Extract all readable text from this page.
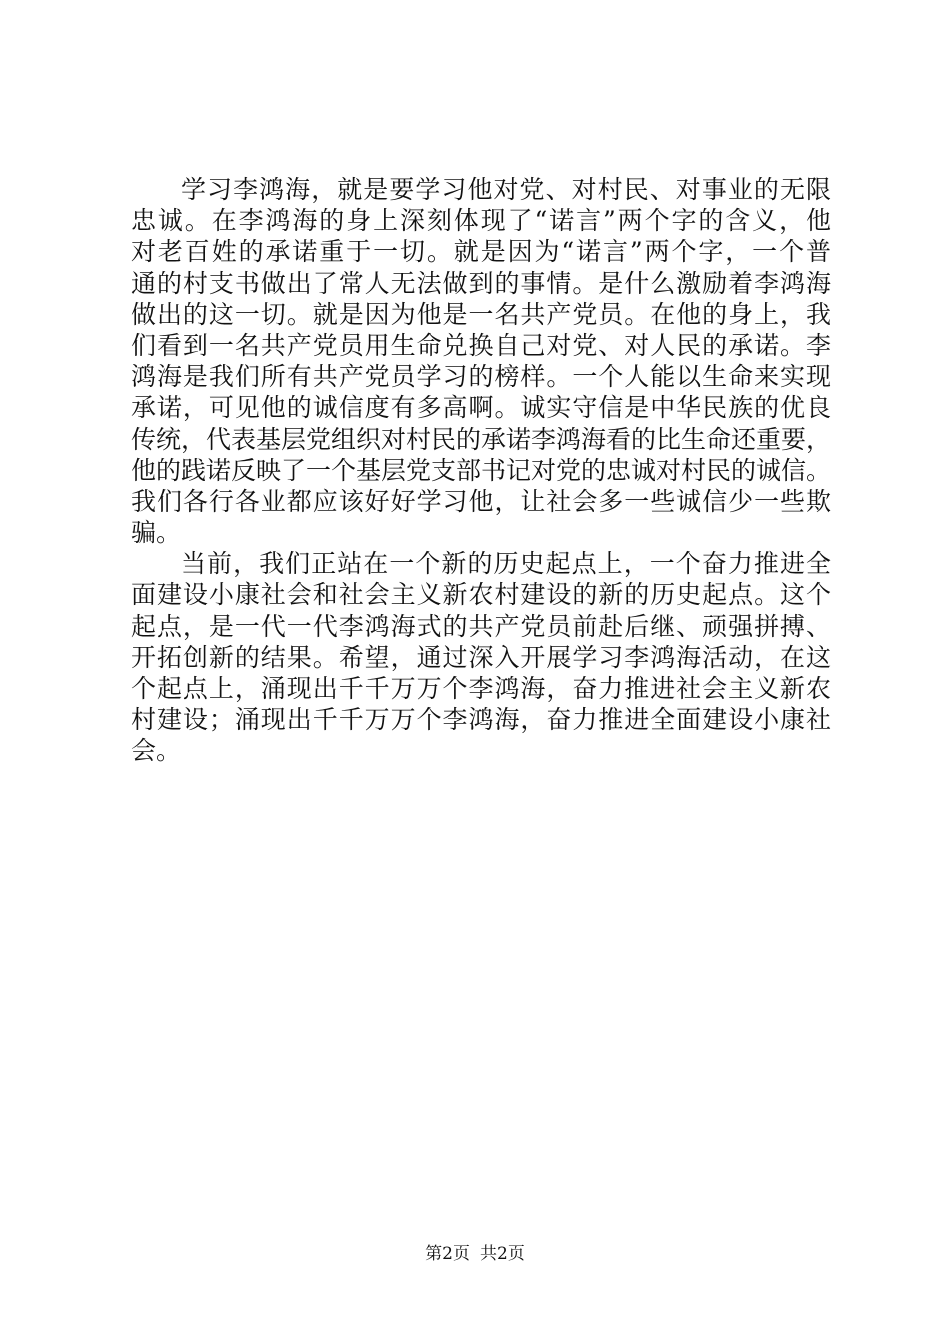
学习李鸿海，就是要学习他对党、对村民、对事业的无限
忠诚。在李鸿海的身上深刻体现了“诺言”两个字的含义，他
对老百姓的承诺重于一切。就是因为“诺言”两个字，一个普
通的村支书做出了常人无法做到的事情。是什么激励着李鸿海
做出的这一切。就是因为他是一名共产党员。在他的身上，我
们看到一名共产党员用生命兑换自己对党、对人民的承诺。李
鸿海是我们所有共产党员学习的榜样。一个人能以生命来实现
承诺，可见他的诚信度有多高啊。诚实守信是中华民族的优良
传统，代表基层党组织对村民的承诺李鸿海看的比生命还重要，
他的践诺反映了一个基层党支部书记对党的忠诚对村民的诚信。
我们各行各业都应该好好学习他，让社会多一些诚信少一些欺
骗。
当前，我们正站在一个新的历史起点上，一个奋力推进全
面建设小康社会和社会主义新农村建设的新的历史起点。这个
起点，是一代一代李鸿海式的共产党员前赴后继、顽强拼搏、
开拓创新的结果。希望，通过深入开展学习李鸿海活动，在这
个起点上，涌现出千千万万个李鸿海，奋力推进社会主义新农
村建设；涌现出千千万万个李鸿海，奋力推进全面建设小康社
会。
第2页 共2页
